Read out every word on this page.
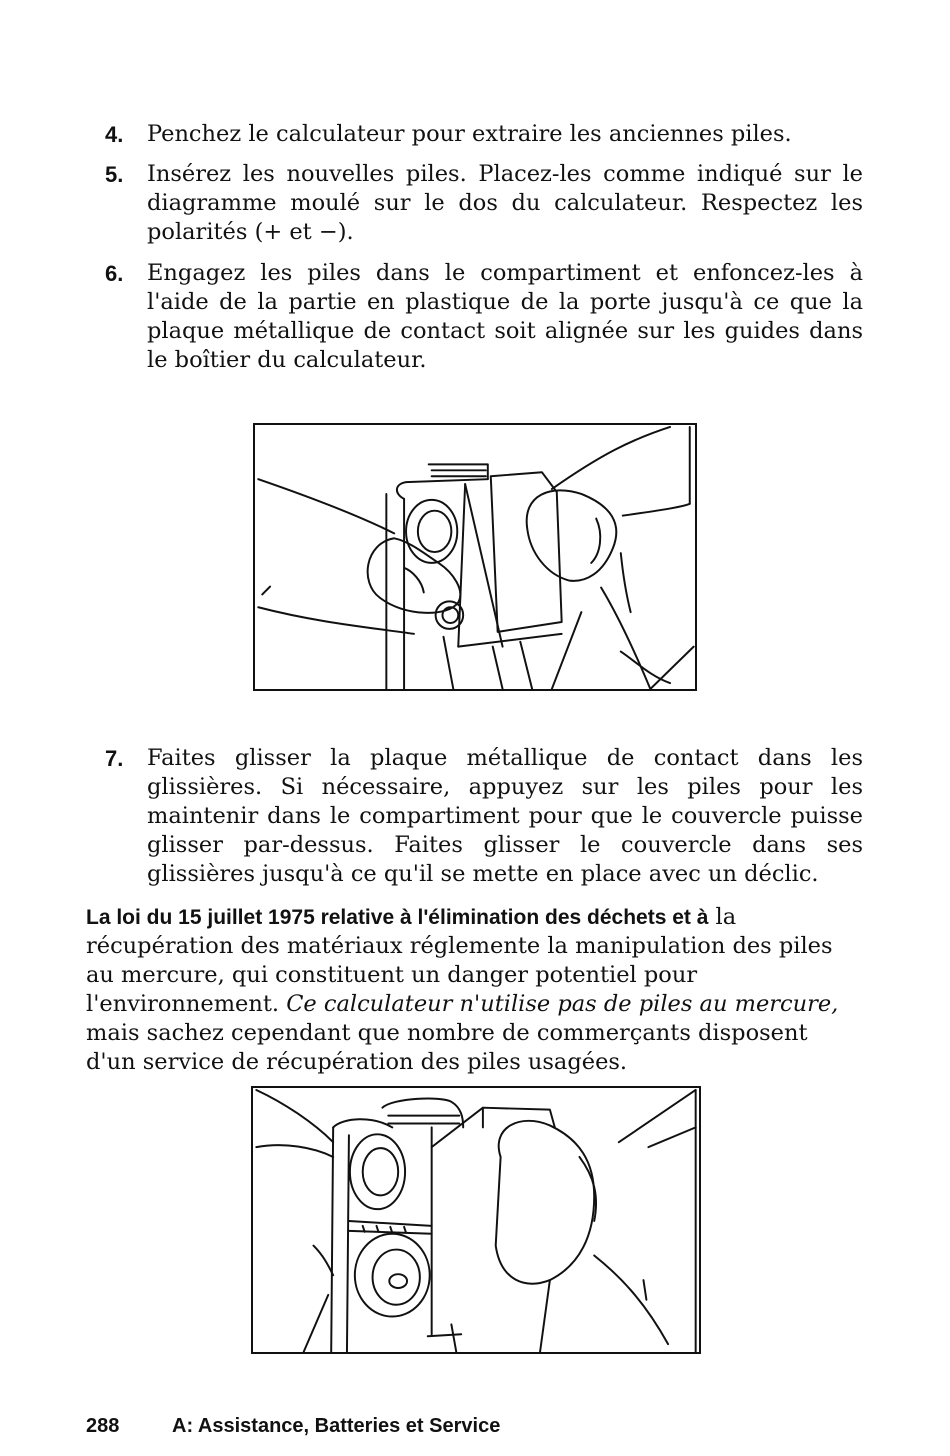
4. Penchez le calculateur pour extraire les anciennes piles.
5. Insérez les nouvelles piles. Placez-les comme indiqué sur le diagramme moulé sur le dos du calculateur. Respectez les polarités (+ et −).
6. Engagez les piles dans le compartiment et enfoncez-les à l'aide de la partie en plastique de la porte jusqu'à ce que la plaque métallique de contact soit alignée sur les guides dans le boîtier du calculateur.
7. Faites glisser la plaque métallique de contact dans les glissières. Si nécessaire, appuyez sur les piles pour les maintenir dans le compartiment pour que le couvercle puisse glisser par-dessus. Faites glisser le couvercle dans ses glissières jusqu'à ce qu'il se mette en place avec un déclic.
La loi du 15 juillet 1975 relative à l'élimination des déchets et à la récupération des matériaux réglemente la manipulation des piles au mercure, qui constituent un danger potentiel pour l'environnement. Ce calculateur n'utilise pas de piles au mercure, mais sachez cependant que nombre de commerçants disposent d'un service de récupération des piles usagées.
288	A: Assistance, Batteries et Service
